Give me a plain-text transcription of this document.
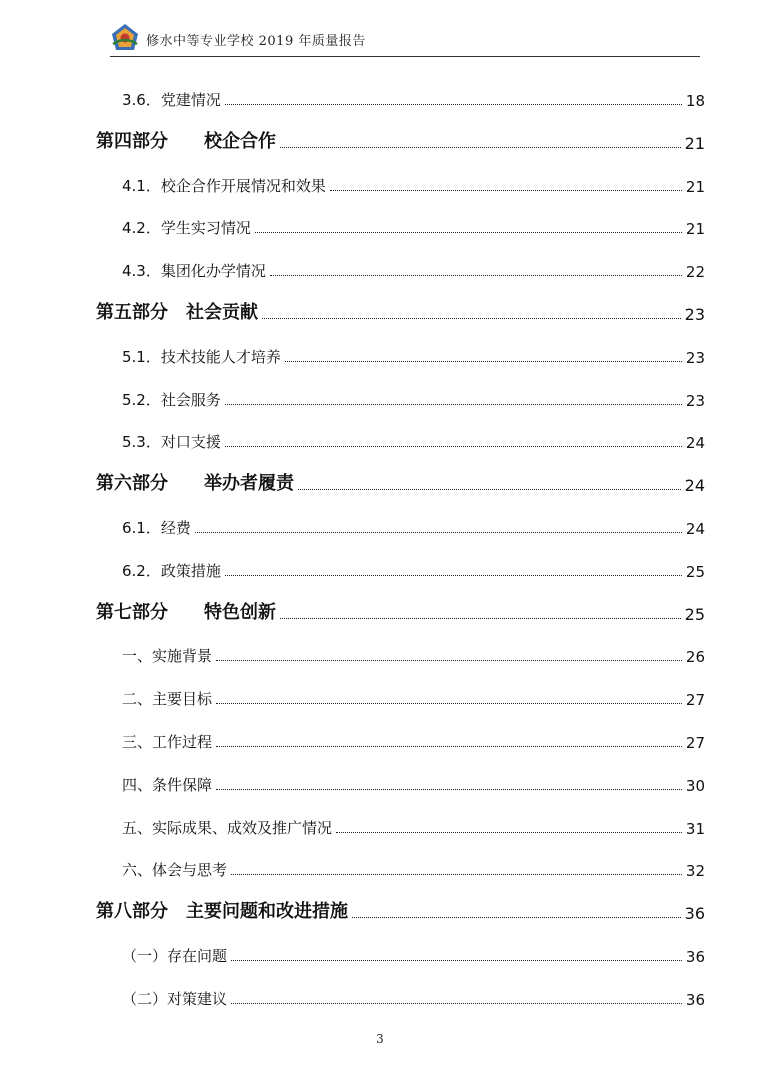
修水中等专业学校 2019 年质量报告
3.6．党建情况	18
第四部分　　校企合作	21
4.1．校企合作开展情况和效果	21
4.2．学生实习情况	21
4.3．集团化办学情况	22
第五部分　社会贡献	23
5.1．技术技能人才培养	23
5.2．社会服务	23
5.3．对口支援	24
第六部分　　举办者履责	24
6.1．经费	24
6.2．政策措施	25
第七部分　　特色创新	25
一、实施背景	26
二、主要目标	27
三、工作过程	27
四、条件保障	30
五、实际成果、成效及推广情况	31
六、体会与思考	32
第八部分　主要问题和改进措施	36
（一）存在问题	36
（二）对策建议	36
3
